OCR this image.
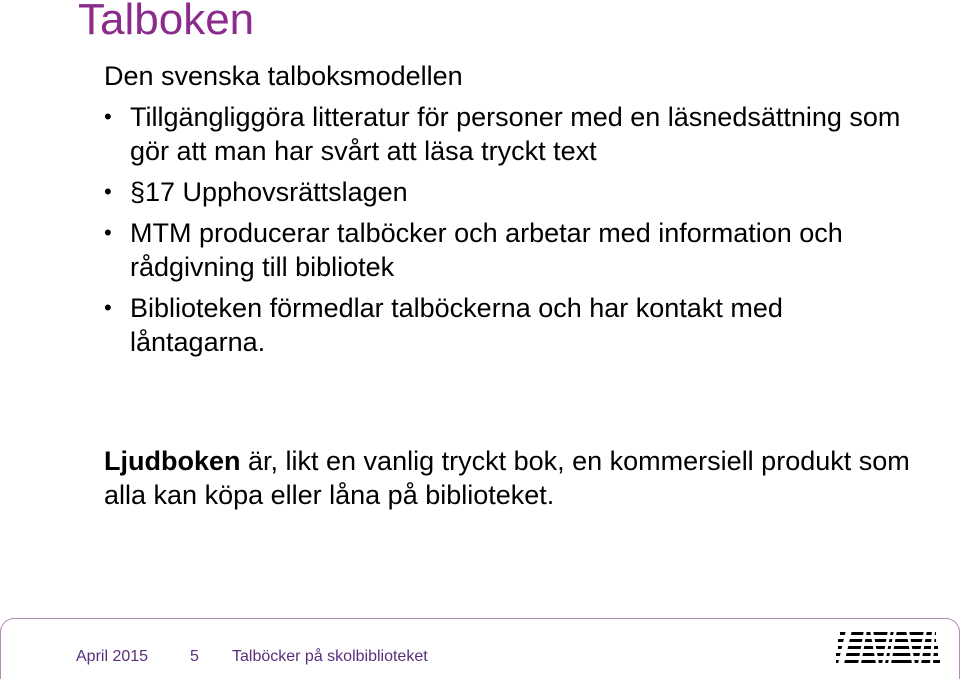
Talboken
Den svenska talboksmodellen
• Tillgängliggöra litteratur för personer med en läsnedsättning som gör att man har svårt att läsa tryckt text
• §17 Upphovsrättslagen
• MTM producerar talböcker och arbetar med information och rådgivning till bibliotek
• Biblioteken förmedlar talböckerna och har kontakt med låntagarna.
Ljudboken är, likt en vanlig tryckt bok, en kommersiell produkt som alla kan köpa eller låna på biblioteket.
April 2015	5 Talböcker på skolbiblioteket
